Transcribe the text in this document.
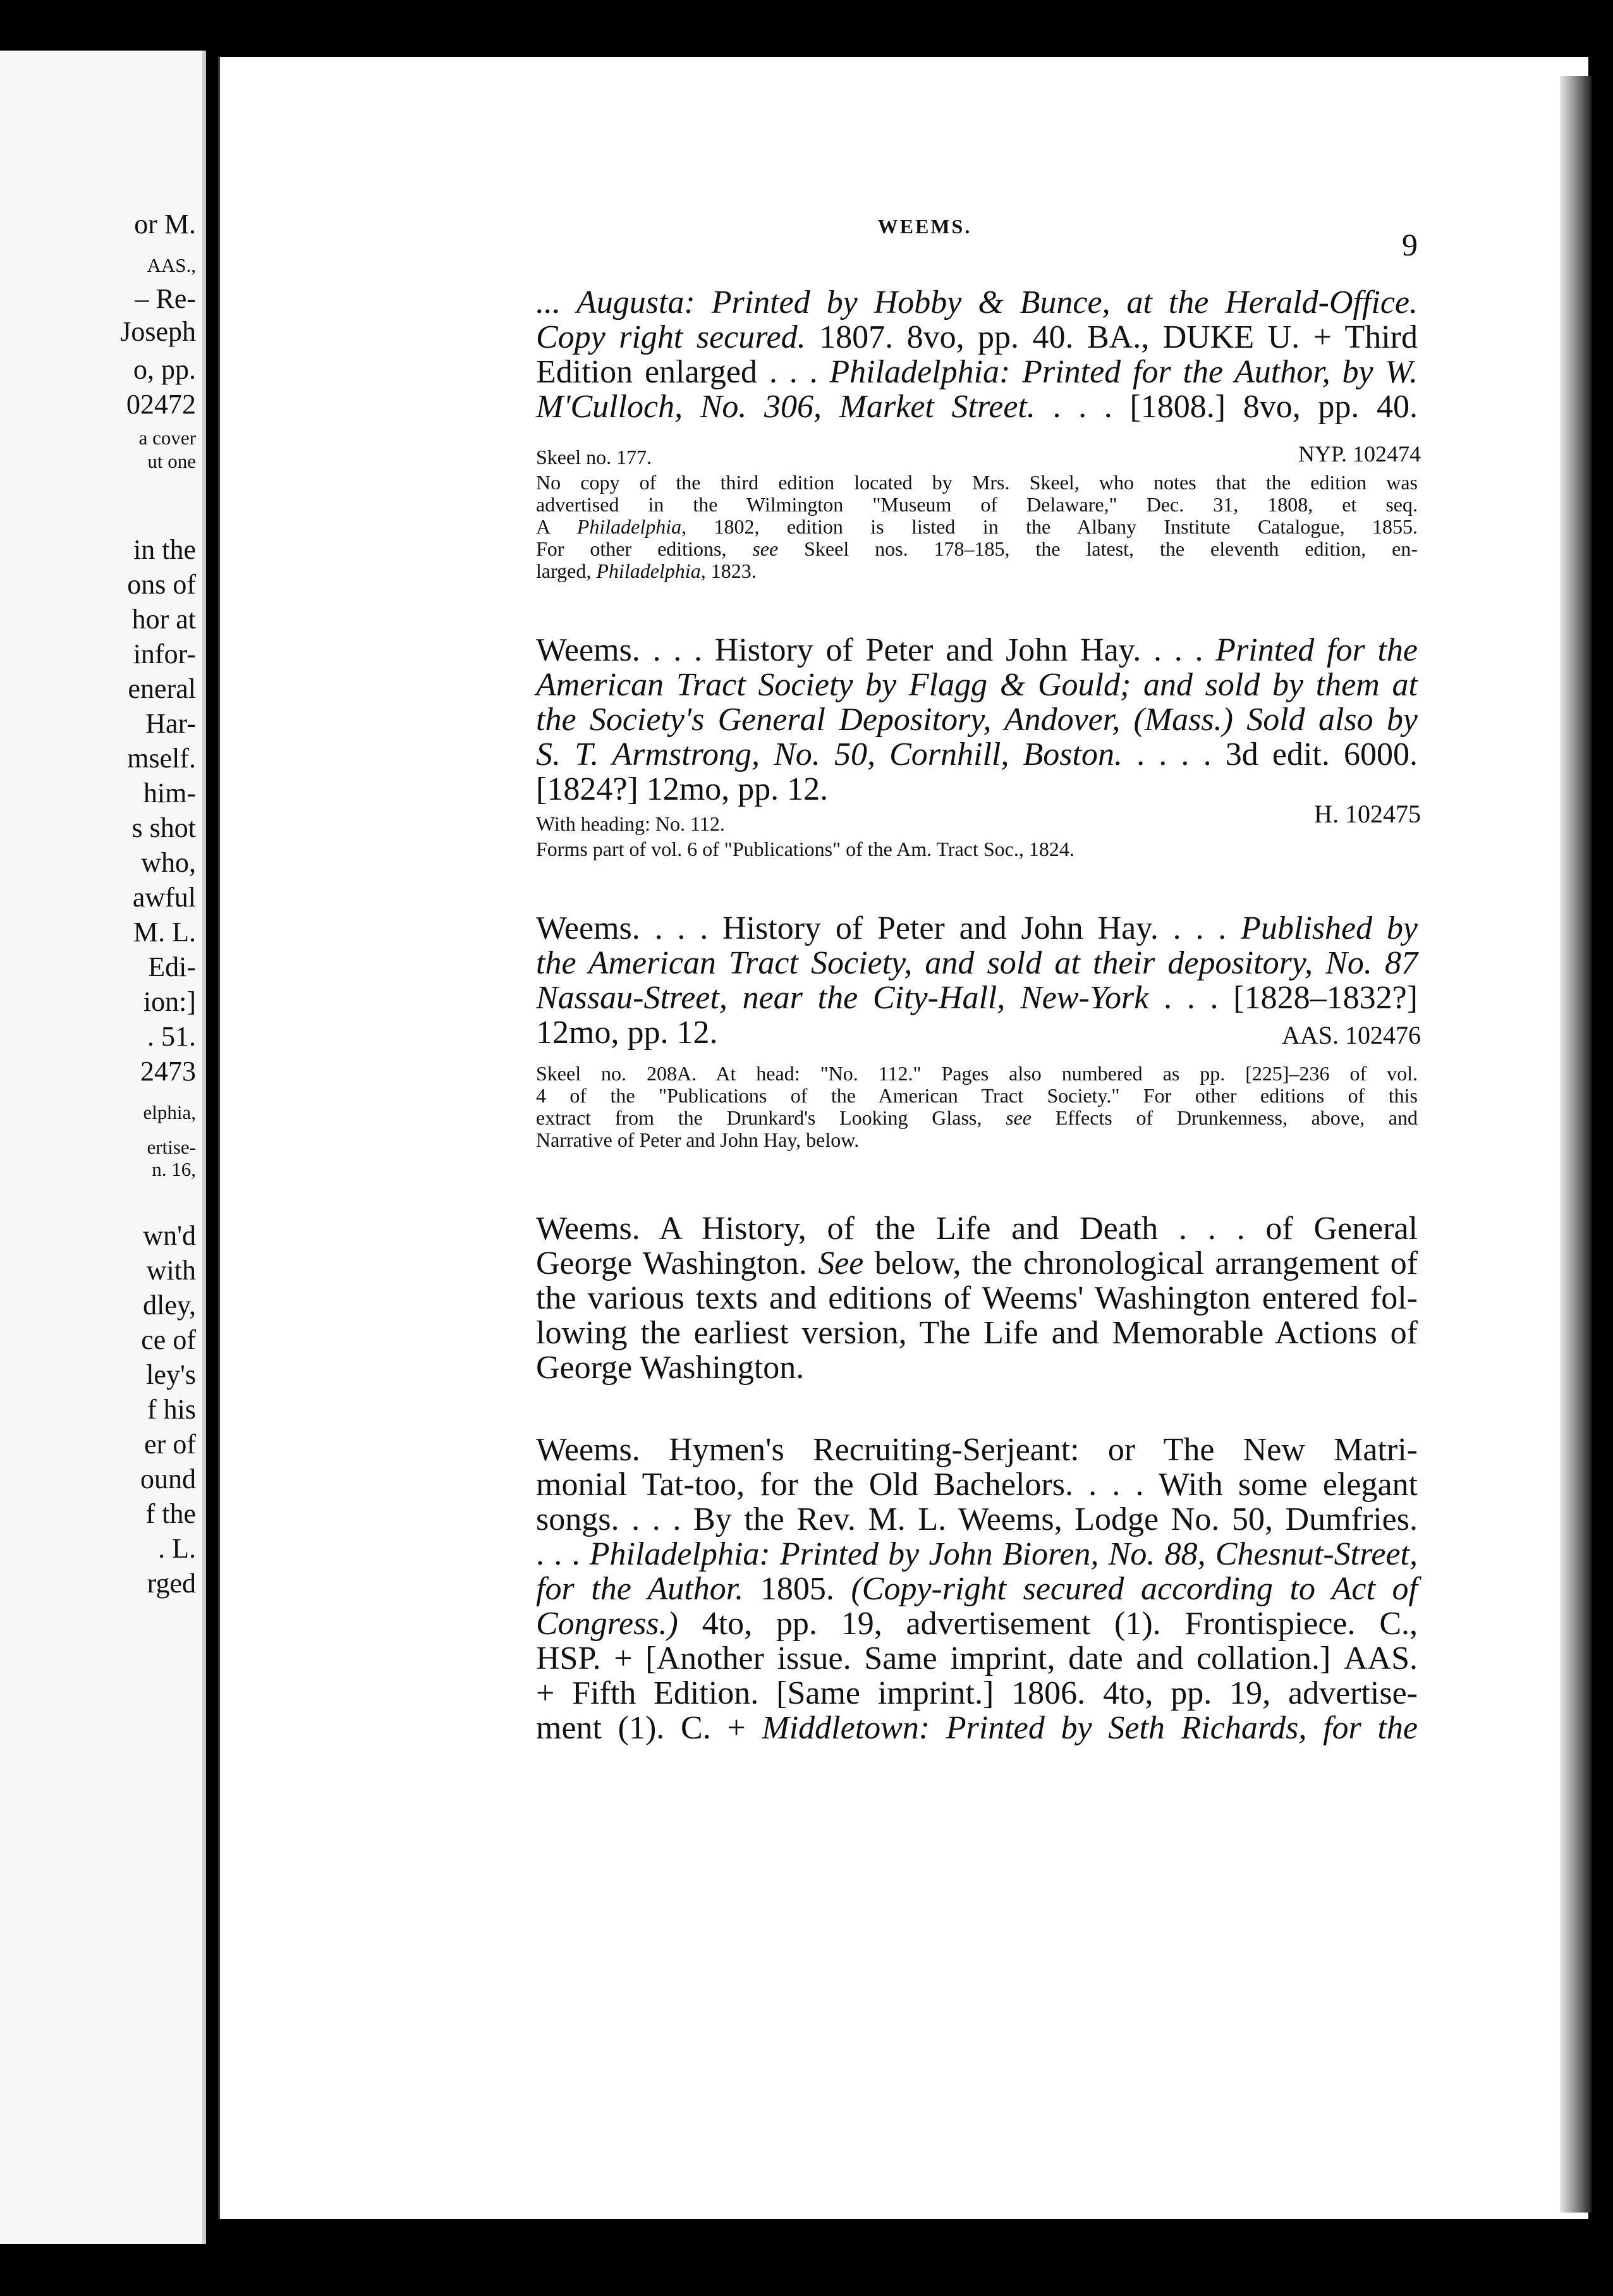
or M.
AAS.,
– Re-
Joseph
o, pp.
02472
a cover
ut one
in the
ons of
hor at
infor-
eneral
Har-
mself.
him-
s shot
who,
awful
M. L.
Edi-
ion:]
. 51.
2473
elphia,
ertise-
n. 16,
wn'd
with
dley,
ce of
ley's
f his
er of
ound
f the
. L.
rged
WEEMS.
9
... Augusta: Printed by Hobby & Bunce, at the Herald-Office.
Copy right secured. 1807. 8vo, pp. 40. BA., DUKE U. + Third
Edition enlarged . . . Philadelphia: Printed for the Author, by W.
M'Culloch, No. 306, Market Street. . . . [1808.] 8vo, pp. 40.
Skeel no. 177.	NYP. 102474
No copy of the third edition located by Mrs. Skeel, who notes that the edition was
advertised in the Wilmington "Museum of Delaware," Dec. 31, 1808, et seq.
A Philadelphia, 1802, edition is listed in the Albany Institute Catalogue, 1855.
For other editions, see Skeel nos. 178–185, the latest, the eleventh edition, en-
larged, Philadelphia, 1823.
Weems. . . . History of Peter and John Hay. . . . Printed for the
American Tract Society by Flagg & Gould; and sold by them at
the Society's General Depository, Andover, (Mass.) Sold also by
S. T. Armstrong, No. 50, Cornhill, Boston. . . . . 3d edit. 6000.
[1824?] 12mo, pp. 12.
With heading: No. 112.	H. 102475
Forms part of vol. 6 of "Publications" of the Am. Tract Soc., 1824.
Weems. . . . History of Peter and John Hay. . . . Published by
the American Tract Society, and sold at their depository, No. 87
Nassau-Street, near the City-Hall, New-York . . . [1828–1832?]
12mo, pp. 12.	AAS. 102476
Skeel no. 208A. At head: "No. 112." Pages also numbered as pp. [225]–236 of vol.
4 of the "Publications of the American Tract Society." For other editions of this
extract from the Drunkard's Looking Glass, see Effects of Drunkenness, above, and
Narrative of Peter and John Hay, below.
Weems. A History, of the Life and Death . . . of General
George Washington. See below, the chronological arrangement of
the various texts and editions of Weems' Washington entered fol-
lowing the earliest version, The Life and Memorable Actions of
George Washington.
Weems. Hymen's Recruiting-Serjeant: or The New Matri-
monial Tat-too, for the Old Bachelors. . . . With some elegant
songs. . . . By the Rev. M. L. Weems, Lodge No. 50, Dumfries.
. . . Philadelphia: Printed by John Bioren, No. 88, Chesnut-Street,
for the Author. 1805. (Copy-right secured according to Act of
Congress.) 4to, pp. 19, advertisement (1). Frontispiece. C.,
HSP. + [Another issue. Same imprint, date and collation.] AAS.
+ Fifth Edition. [Same imprint.] 1806. 4to, pp. 19, advertise-
ment (1). C. + Middletown: Printed by Seth Richards, for the
